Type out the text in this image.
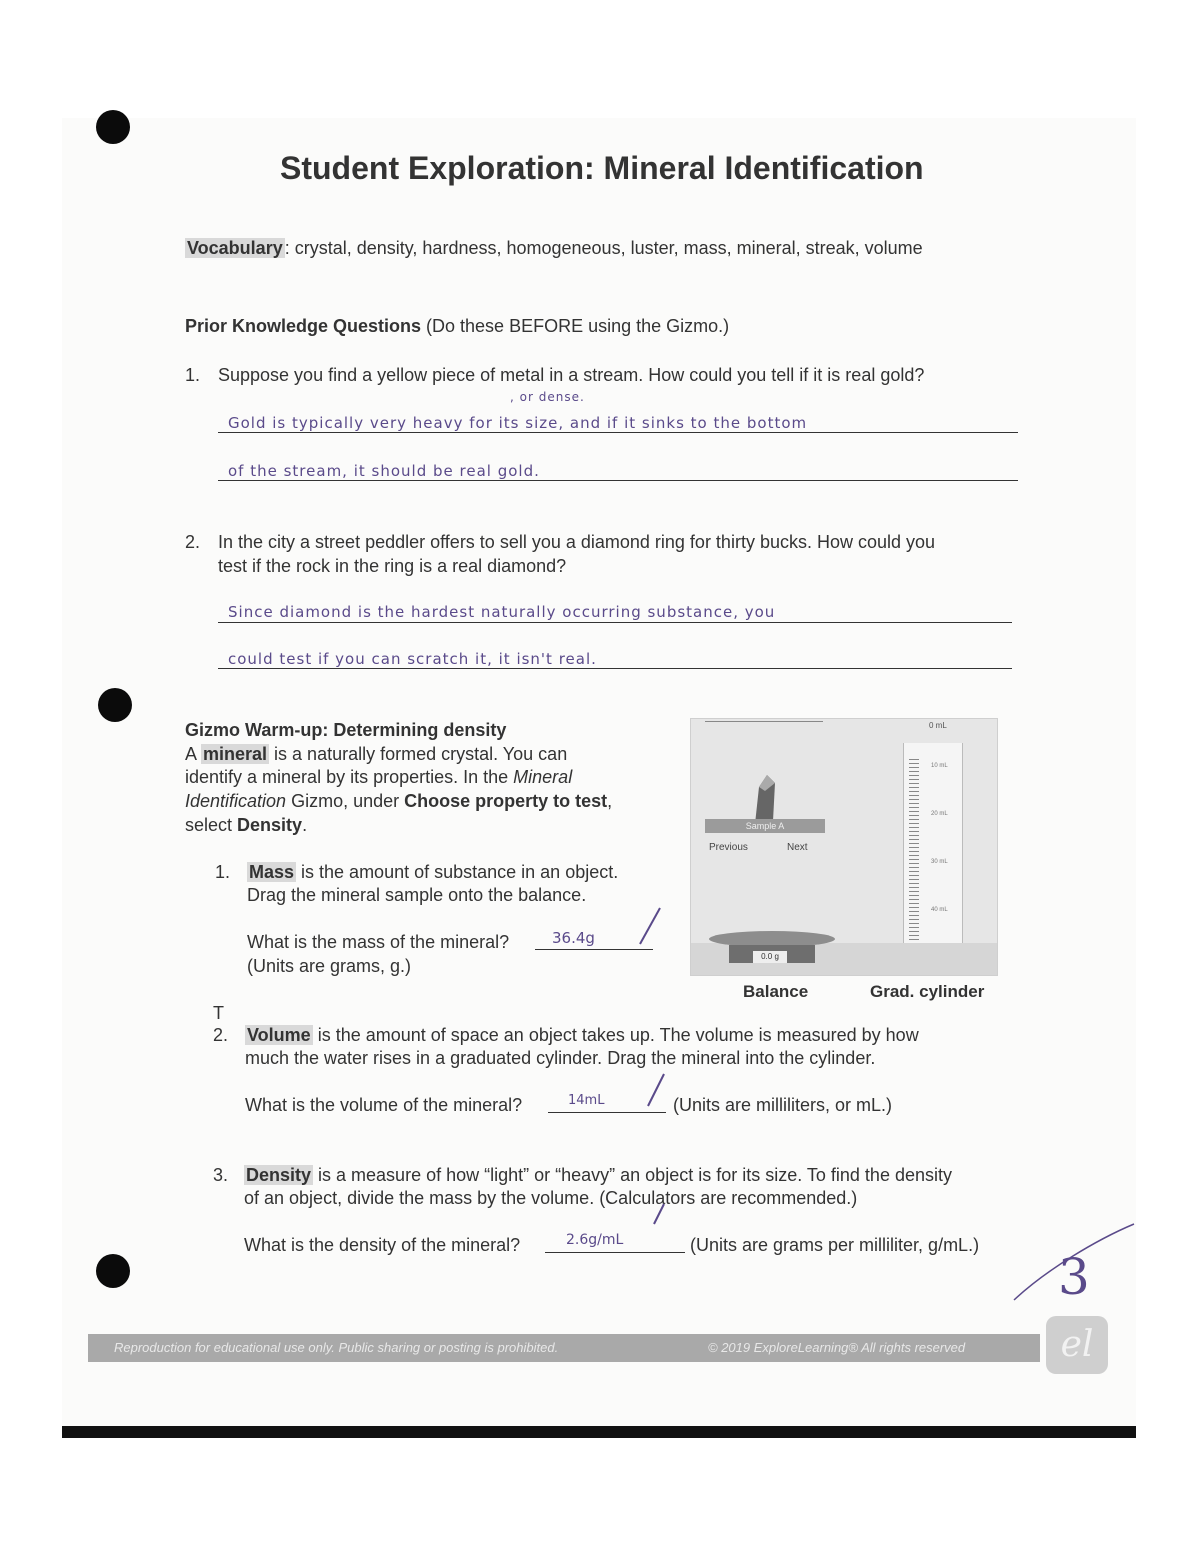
Student Exploration: Mineral Identification
Vocabulary : crystal, density, hardness, homogeneous, luster, mass, mineral, streak, volume
Prior Knowledge Questions (Do these BEFORE using the Gizmo.)
1. Suppose you find a yellow piece of metal in a stream. How could you tell if it is real gold?
, or dense.
Gold is typically very heavy for its size, and if it sinks to the bottom
of the stream, it should be real gold.
2. In the city a street peddler offers to sell you a diamond ring for thirty bucks. How could you
test if the rock in the ring is a real diamond?
Since diamond is the hardest naturally occurring substance, you
could test if you can scratch it, it isn't real.
Gizmo Warm-up: Determining density
A mineral is a naturally formed crystal. You can
identify a mineral by its properties. In the Mineral
Identification Gizmo, under Choose property to test,
select Density.
0 mL
Sample A
Previous	Next
10 mL
20 mL
30 mL
40 mL
0.0 g
Balance	Grad. cylinder
1. Mass is the amount of substance in an object.
Drag the mineral sample onto the balance.
What is the mass of the mineral?	36.4g
(Units are grams, g.)
T
2. Volume is the amount of space an object takes up. The volume is measured by how
much the water rises in a graduated cylinder. Drag the mineral into the cylinder.
What is the volume of the mineral?	14mL	(Units are milliliters, or mL.)
3. Density is a measure of how “light” or “heavy” an object is for its size. To find the density
of an object, divide the mass by the volume. (Calculators are recommended.)
What is the density of the mineral?	2.6g/mL	(Units are grams per milliliter, g/mL.)
3
Reproduction for educational use only. Public sharing or posting is prohibited.	© 2019 ExploreLearning® All rights reserved	el
